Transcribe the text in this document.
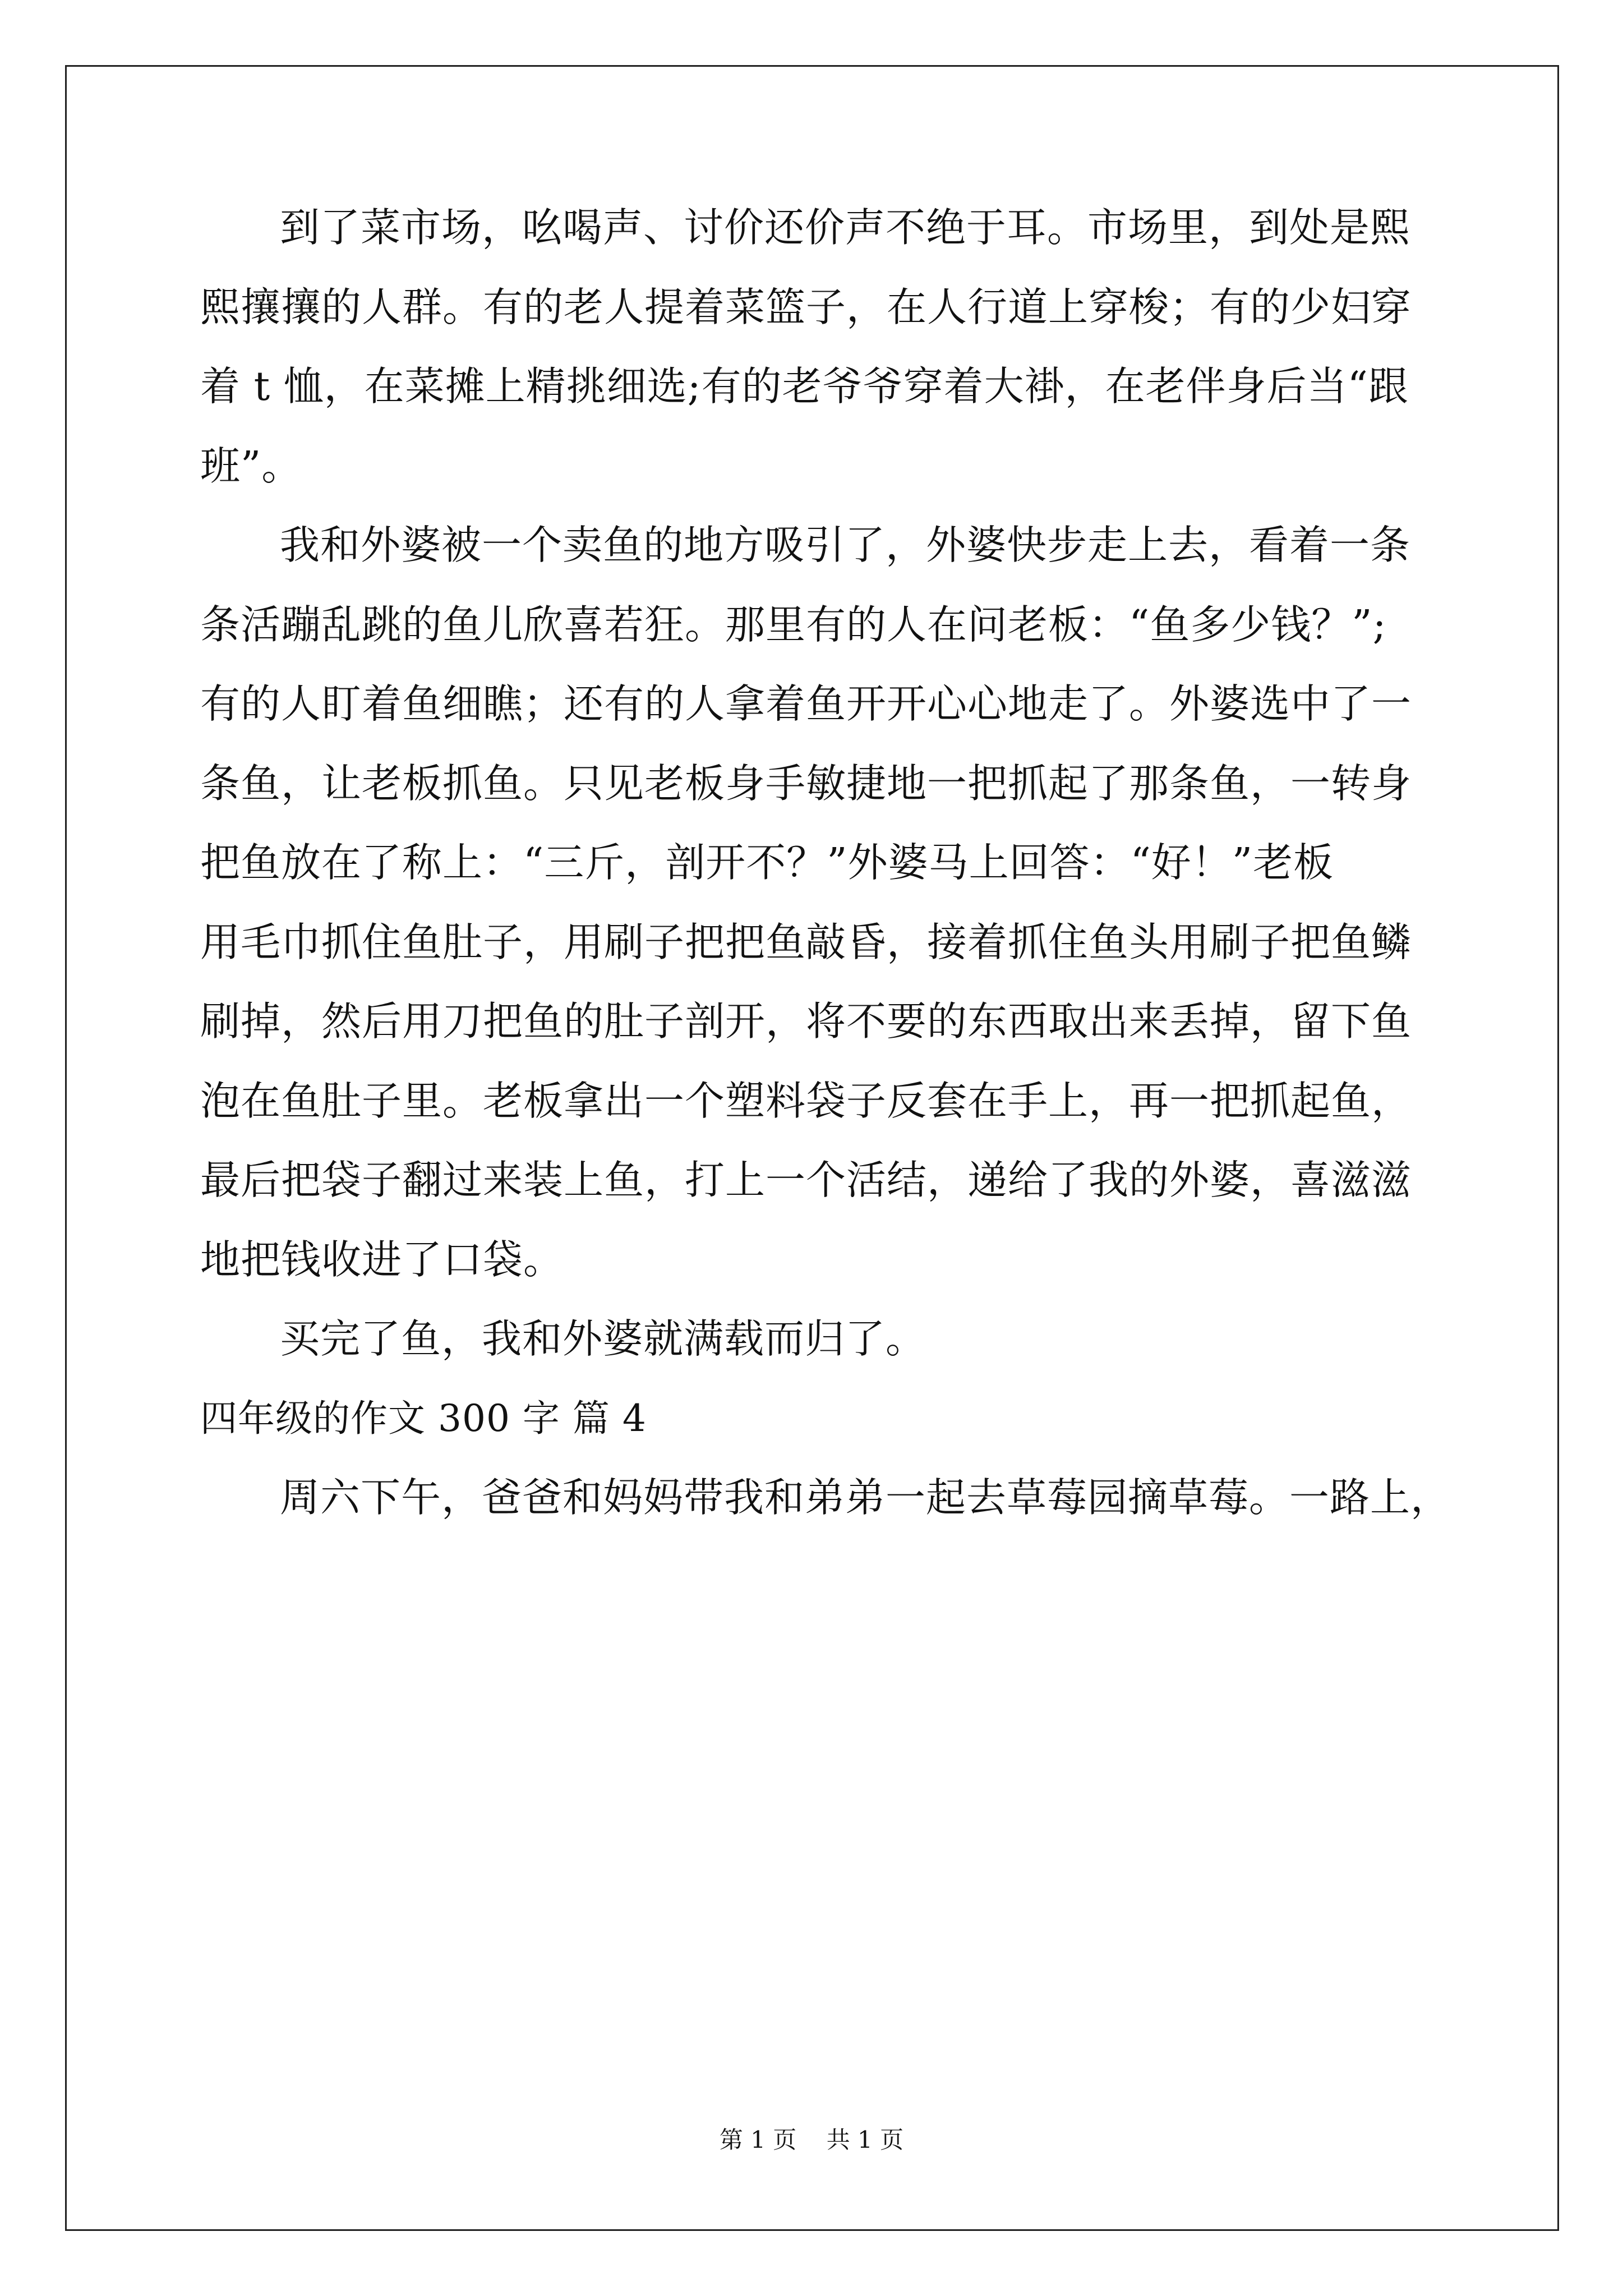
到了菜市场，吆喝声、讨价还价声不绝于耳。市场里，到处是熙
熙攘攘的人群。有的老人提着菜篮子，在人行道上穿梭；有的少妇穿
着 t 恤，在菜摊上精挑细选;有的老爷爷穿着大褂，在老伴身后当“跟
班”。
我和外婆被一个卖鱼的地方吸引了，外婆快步走上去，看着一条
条活蹦乱跳的鱼儿欣喜若狂。那里有的人在问老板：“鱼多少钱？”;
有的人盯着鱼细瞧；还有的人拿着鱼开开心心地走了。外婆选中了一
条鱼，让老板抓鱼。只见老板身手敏捷地一把抓起了那条鱼，一转身
把鱼放在了称上：“三斤，剖开不？”外婆马上回答：“好！”老板
用毛巾抓住鱼肚子，用刷子把把鱼敲昏，接着抓住鱼头用刷子把鱼鳞
刷掉，然后用刀把鱼的肚子剖开，将不要的东西取出来丢掉，留下鱼
泡在鱼肚子里。老板拿出一个塑料袋子反套在手上，再一把抓起鱼，
最后把袋子翻过来装上鱼，打上一个活结，递给了我的外婆，喜滋滋
地把钱收进了口袋。
买完了鱼，我和外婆就满载而归了。
四年级的作文 300 字 篇 4
周六下午，爸爸和妈妈带我和弟弟一起去草莓园摘草莓。一路上，
第 1 页    共 1 页
